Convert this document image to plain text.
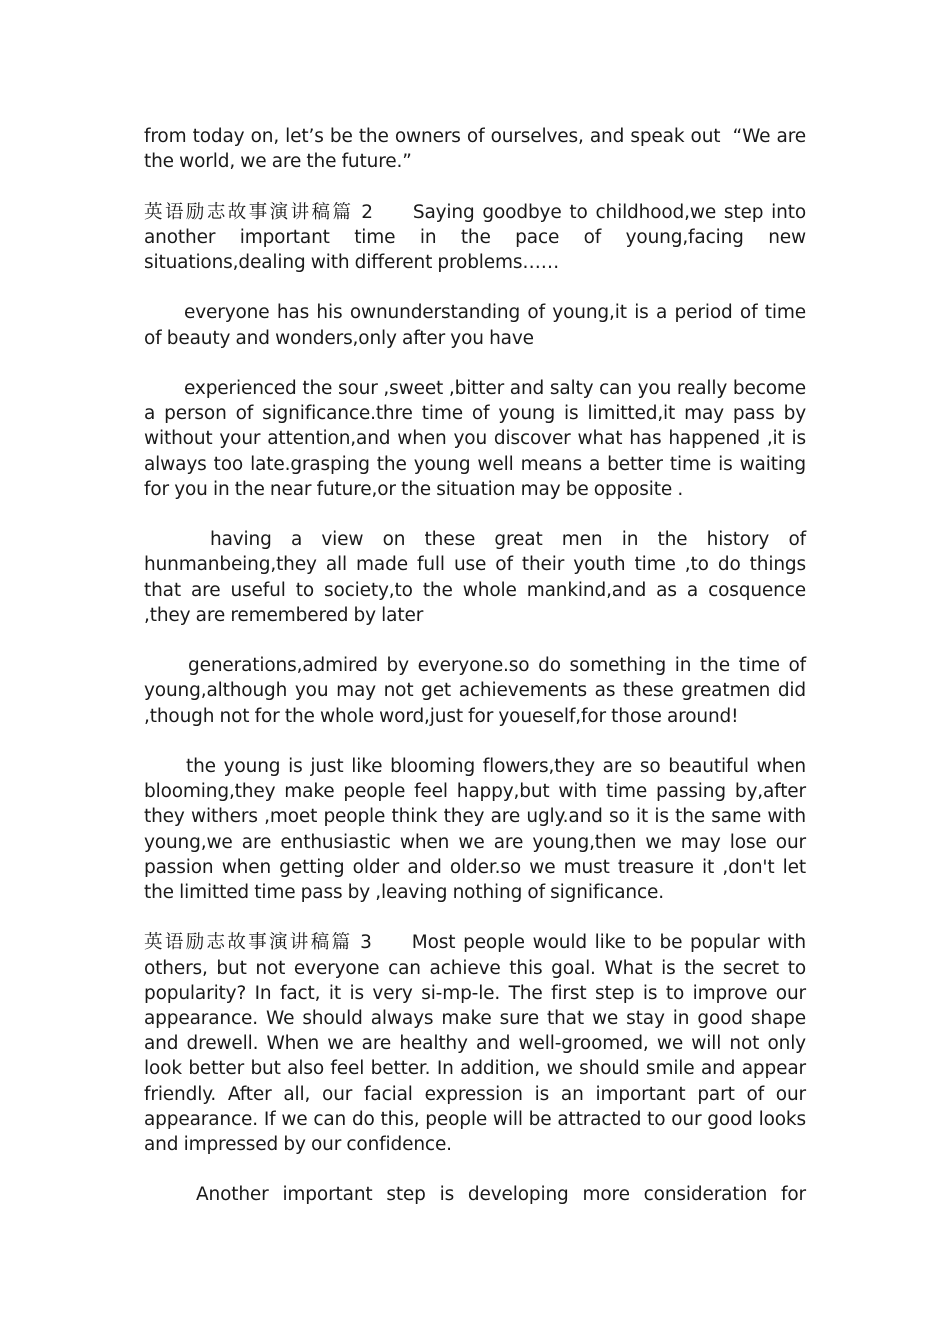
from today on, let’s be the owners of ourselves, and speak out  “We are the world, we are the future.”

英语励志故事演讲稿篇 2 Saying goodbye to childhood,we step into another important time in the pace of young,facing new situations,dealing with different problems……

everyone has his ownunderstanding of young,it is a period of time of beauty and wonders,only after you have

experienced the sour ,sweet ,bitter and salty can you really become a person of significance.thre time of young is limitted,it may pass by without your attention,and when you discover what has happened ,it is always too late.grasping the young well means a better time is waiting for you in the near future,or the situation may be opposite .

having a view on these great men in the history of hunmanbeing,they all made full use of their youth time ,to do things that are useful to society,to the whole mankind,and as a cosquence ,they are remembered by later

generations,admired by everyone.so do something in the time of young,although you may not get achievements as these greatmen did ,though not for the whole word,just for youeself,for those around!

the young is just like blooming flowers,they are so beautiful when blooming,they make people feel happy,but with time passing by,after they withers ,moet people think they are ugly.and so it is the same with young,we are enthusiastic when we are young,then we may lose our passion when getting older and older.so we must treasure it ,don't let the limitted time pass by ,leaving nothing of significance.

英语励志故事演讲稿篇 3 Most people would like to be popular with others, but not everyone can achieve this goal. What is the secret to popularity? In fact, it is very si-mp-le. The first step is to improve our appearance. We should always make sure that we stay in good shape and drewell. When we are healthy and well-groomed, we will not only look better but also feel better. In addition, we should smile and appear friendly. After all, our facial expression is an important part of our appearance. If we can do this, people will be attracted to our good looks and impressed by our confidence.

Another important step is developing more consideration for
